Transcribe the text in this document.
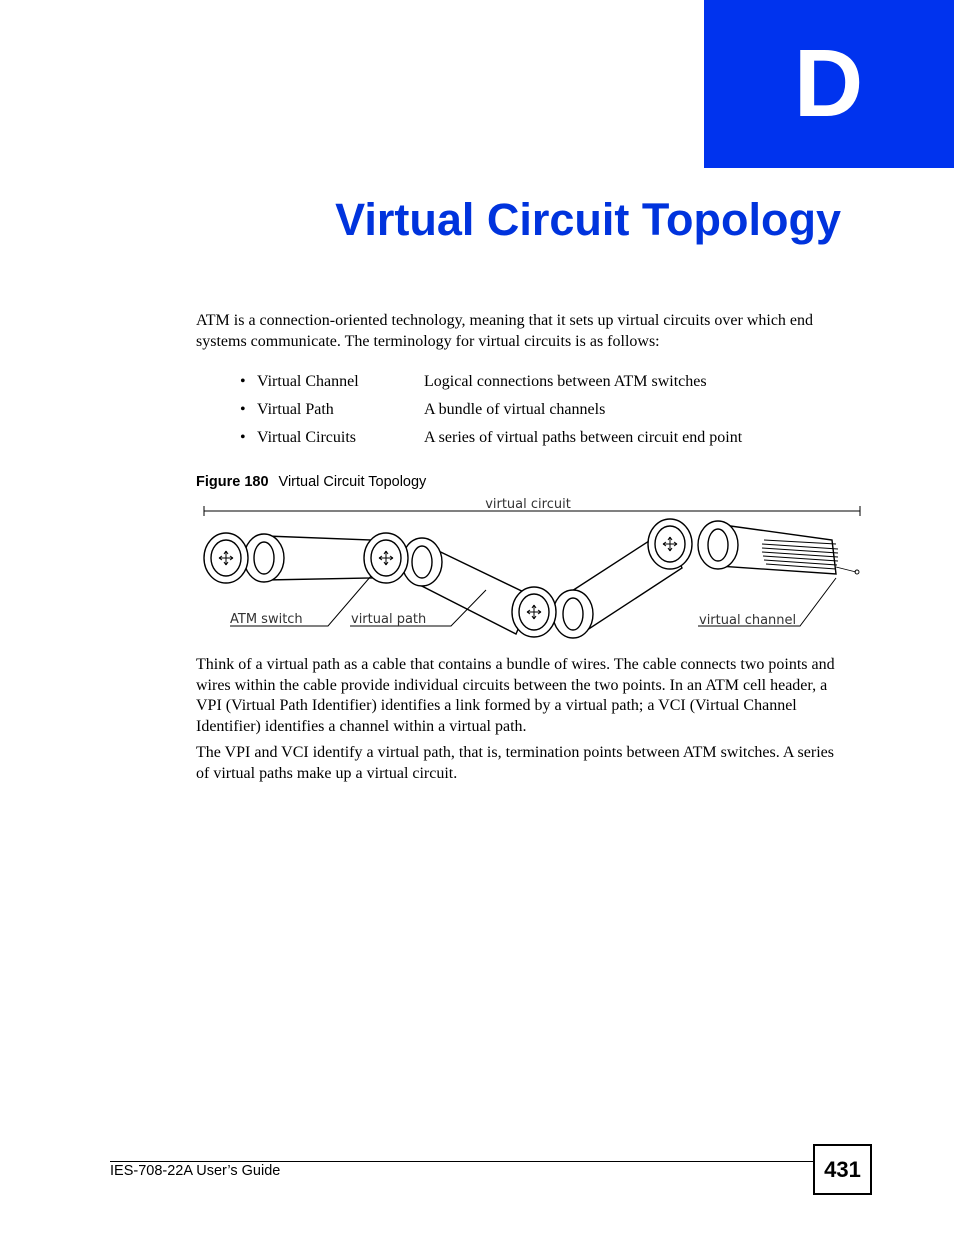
D
Virtual Circuit Topology

ATM is a connection-oriented technology, meaning that it sets up virtual circuits over which end systems communicate. The terminology for virtual circuits is as follows:

• Virtual Channel	Logical connections between ATM switches
• Virtual Path	A bundle of virtual channels
• Virtual Circuits	A series of virtual paths between circuit end point

Figure 180 Virtual Circuit Topology

virtual circuit
ATM switch	virtual path	virtual channel

Think of a virtual path as a cable that contains a bundle of wires. The cable connects two points and wires within the cable provide individual circuits between the two points. In an ATM cell header, a VPI (Virtual Path Identifier) identifies a link formed by a virtual path; a VCI (Virtual Channel Identifier) identifies a channel within a virtual path.

The VPI and VCI identify a virtual path, that is, termination points between ATM switches. A series of virtual paths make up a virtual circuit.

IES-708-22A User’s Guide	431
